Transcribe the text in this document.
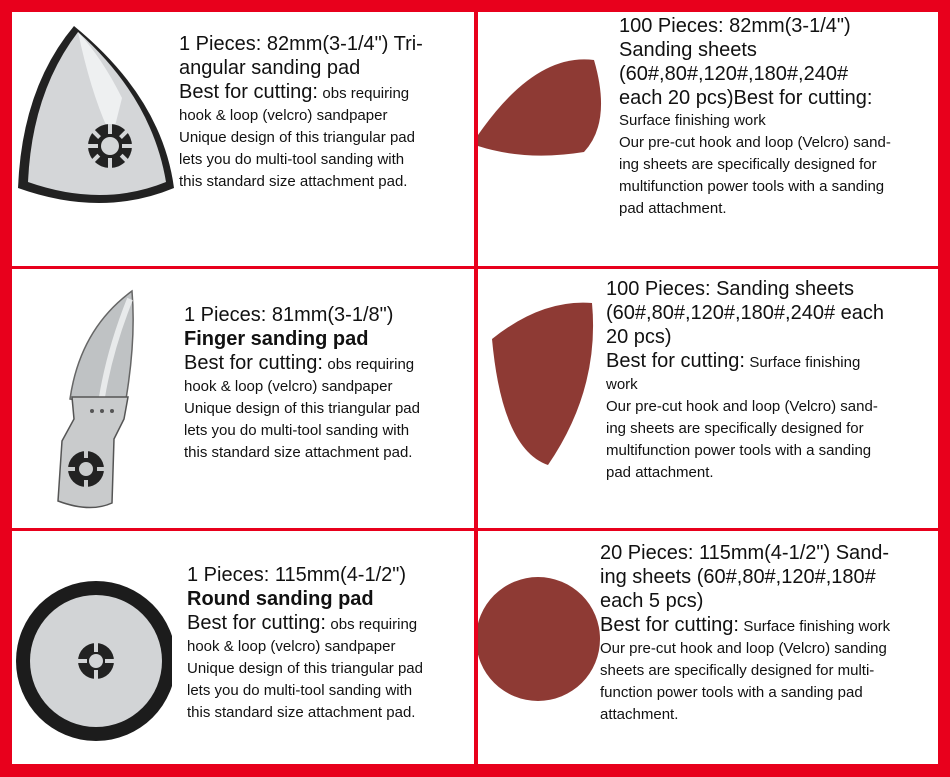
1 Pieces: 82mm(3-1/4") Tri-
angular sanding pad
Best for cutting: obs requiring
hook & loop (velcro) sandpaper
Unique design of this triangular pad
lets you do multi-tool sanding with
this standard size attachment pad.
100 Pieces: 82mm(3-1/4")
Sanding sheets
(60#,80#,120#,180#,240#
each 20 pcs)Best for cutting:
Surface finishing work
Our pre-cut hook and loop (Velcro) sand-
ing sheets are specifically designed for
multifunction power tools with a sanding
pad attachment.
1 Pieces: 81mm(3-1/8")
Finger sanding pad
Best for cutting: obs requiring
hook & loop (velcro) sandpaper
Unique design of this triangular pad
lets you do multi-tool sanding with
this standard size attachment pad.
100 Pieces: Sanding sheets
(60#,80#,120#,180#,240# each
20 pcs)
Best for cutting: Surface finishing
work
Our pre-cut hook and loop (Velcro) sand-
ing sheets are specifically designed for
multifunction power tools with a sanding
pad attachment.
1 Pieces: 115mm(4-1/2")
Round sanding pad
Best for cutting: obs requiring
hook & loop (velcro) sandpaper
Unique design of this triangular pad
lets you do multi-tool sanding with
this standard size attachment pad.
20 Pieces: 115mm(4-1/2") Sand-
ing sheets (60#,80#,120#,180#
each 5 pcs)
Best for cutting: Surface finishing work
Our pre-cut hook and loop (Velcro) sanding
sheets are specifically designed for multi-
function power tools with a sanding pad
attachment.
